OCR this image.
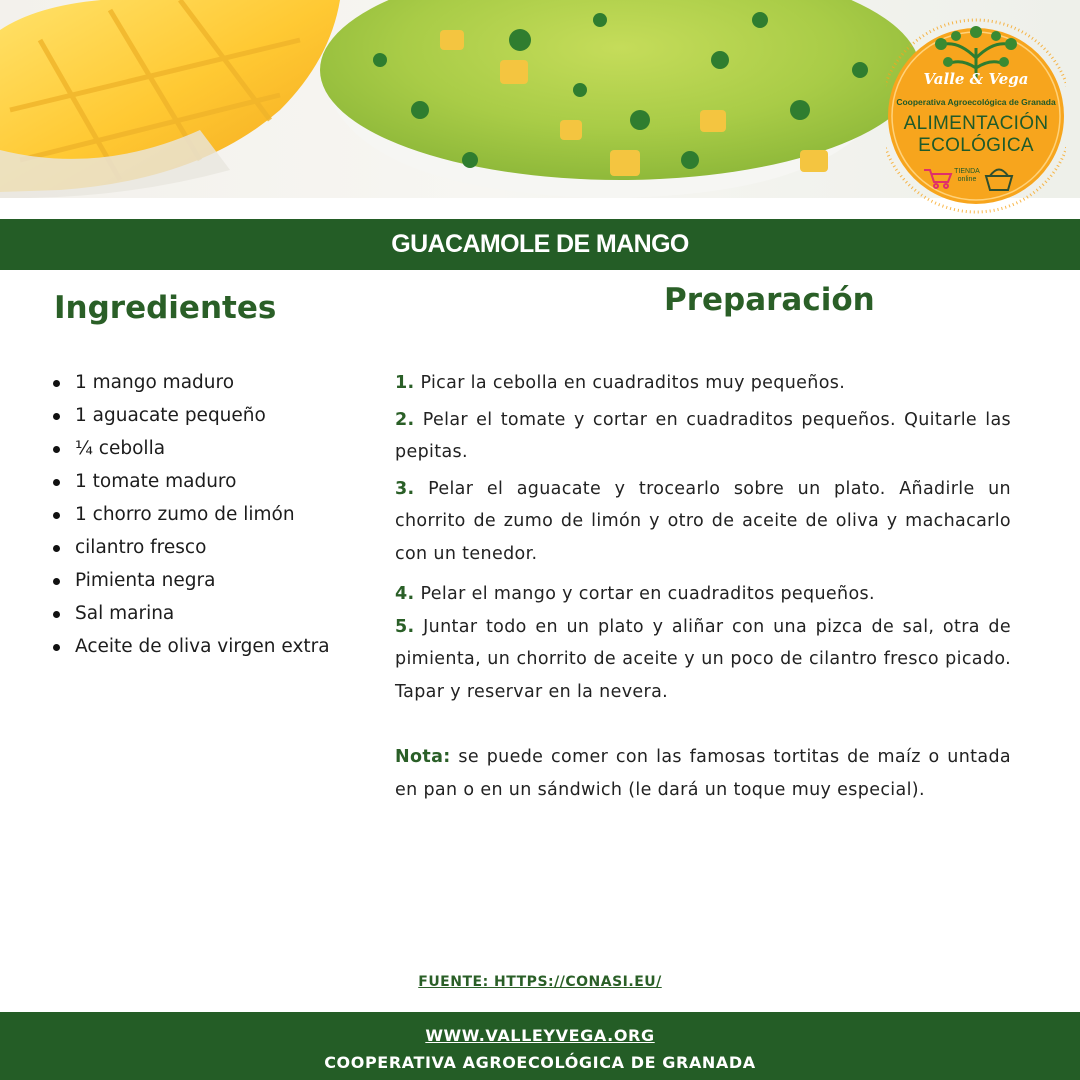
Valle & Vega
Cooperativa Agroecológica de Granada
ALIMENTACIÓN
ECOLÓGICA
TIENDA
online
GUACAMOLE DE MANGO
Ingredientes	Preparación
1 mango maduro
1 aguacate pequeño
¼ cebolla
1 tomate maduro
1 chorro zumo de limón
cilantro fresco
Pimienta negra
Sal marina
Aceite de oliva virgen extra

1. Picar la cebolla en cuadraditos muy pequeños.

2. Pelar el tomate y cortar en cuadraditos pequeños. Quitarle las pepitas.

3. Pelar el aguacate y trocearlo sobre un plato. Añadirle un chorrito de zumo de limón y otro de aceite de oliva y machacarlo con un tenedor.

4. Pelar el mango y cortar en cuadraditos pequeños.

5. Juntar todo en un plato y aliñar con una pizca de sal, otra de pimienta, un chorrito de aceite y un poco de cilantro fresco picado. Tapar y reservar en la nevera.

Nota: se puede comer con las famosas tortitas de maíz o untada en pan o en un sándwich (le dará un toque muy especial).

FUENTE: HTTPS://CONASI.EU/
WWW.VALLEYVEGA.ORG
COOPERATIVA AGROECOLÓGICA DE GRANADA
